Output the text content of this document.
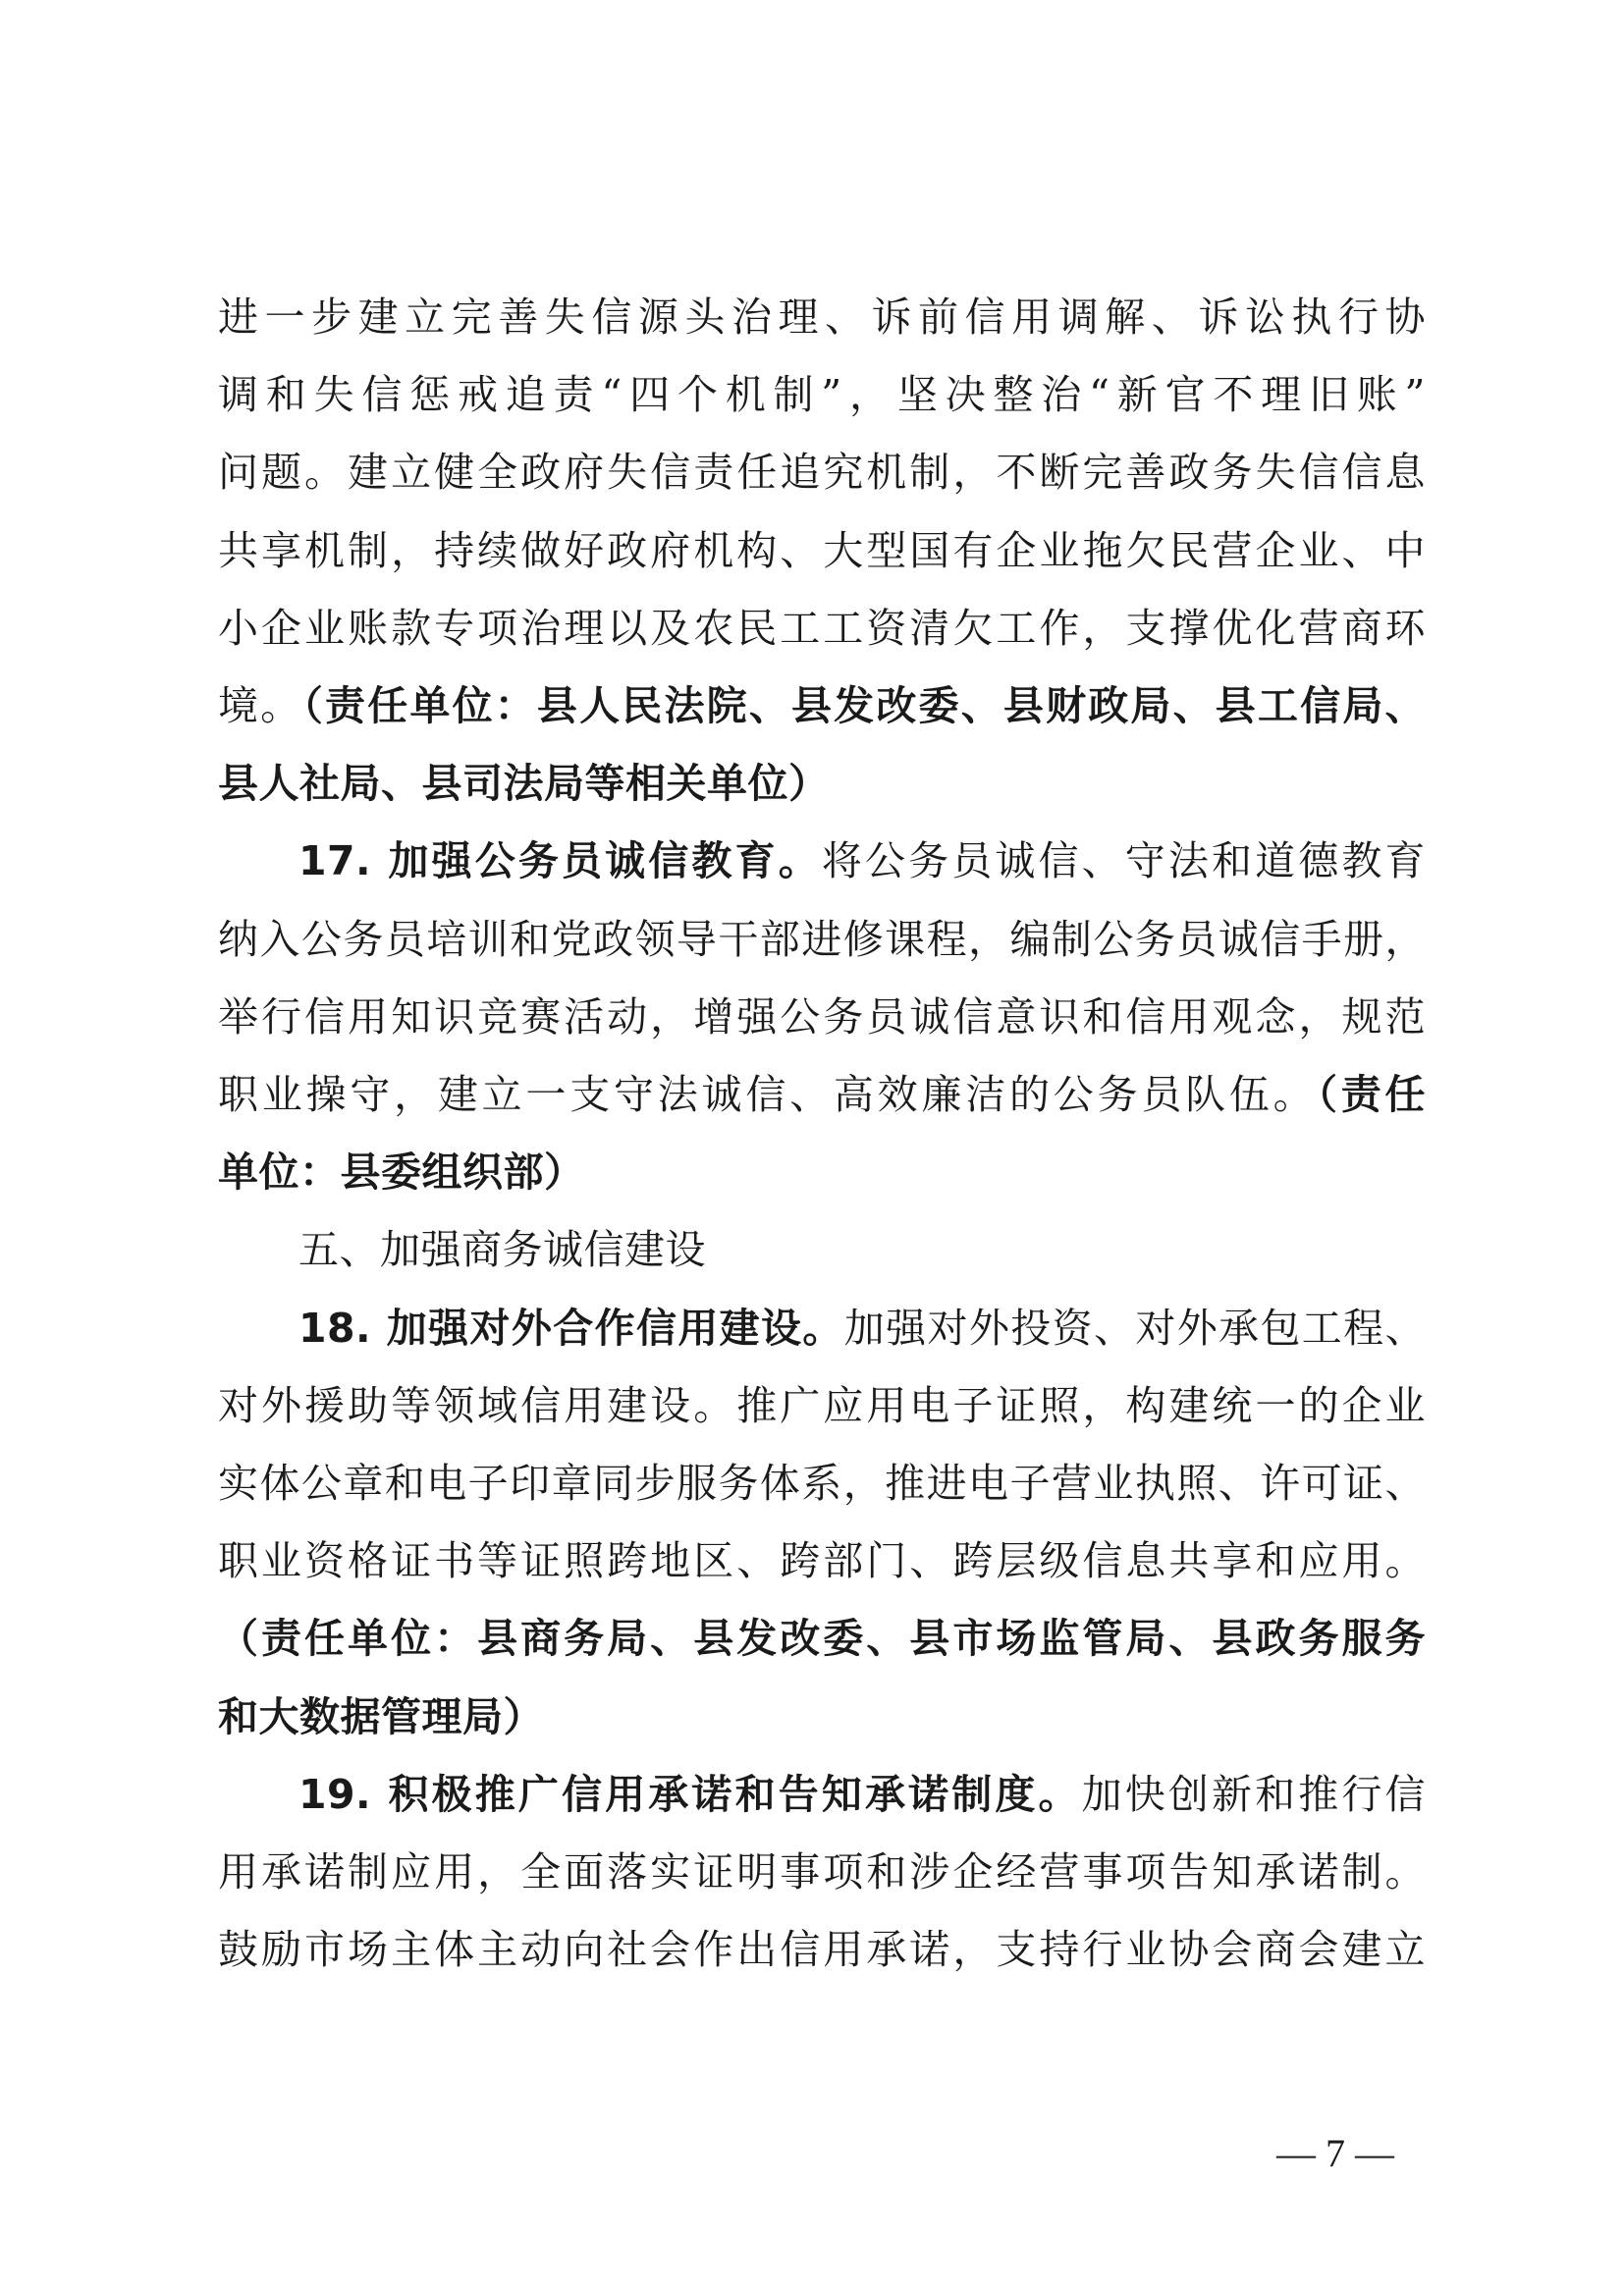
进一步建立完善失信源头治理、诉前信用调解、诉讼执行协
调和失信惩戒追责“四个机制”，坚决整治“新官不理旧账”
问题。建立健全政府失信责任追究机制，不断完善政务失信信息
共享机制，持续做好政府机构、大型国有企业拖欠民营企业、中
小企业账款专项治理以及农民工工资清欠工作，支撑优化营商环
境。（责任单位：县人民法院、县发改委、县财政局、县工信局、
县人社局、县司法局等相关单位）

17. 加强公务员诚信教育。将公务员诚信、守法和道德教育
纳入公务员培训和党政领导干部进修课程，编制公务员诚信手册，
举行信用知识竞赛活动，增强公务员诚信意识和信用观念，规范
职业操守，建立一支守法诚信、高效廉洁的公务员队伍。（责任
单位：县委组织部）

五、加强商务诚信建设

18. 加强对外合作信用建设。加强对外投资、对外承包工程、
对外援助等领域信用建设。推广应用电子证照，构建统一的企业
实体公章和电子印章同步服务体系，推进电子营业执照、许可证、
职业资格证书等证照跨地区、跨部门、跨层级信息共享和应用。
（责任单位：县商务局、县发改委、县市场监管局、县政务服务
和大数据管理局）

19. 积极推广信用承诺和告知承诺制度。加快创新和推行信
用承诺制应用，全面落实证明事项和涉企经营事项告知承诺制。
鼓励市场主体主动向社会作出信用承诺，支持行业协会商会建立

— 7 —
